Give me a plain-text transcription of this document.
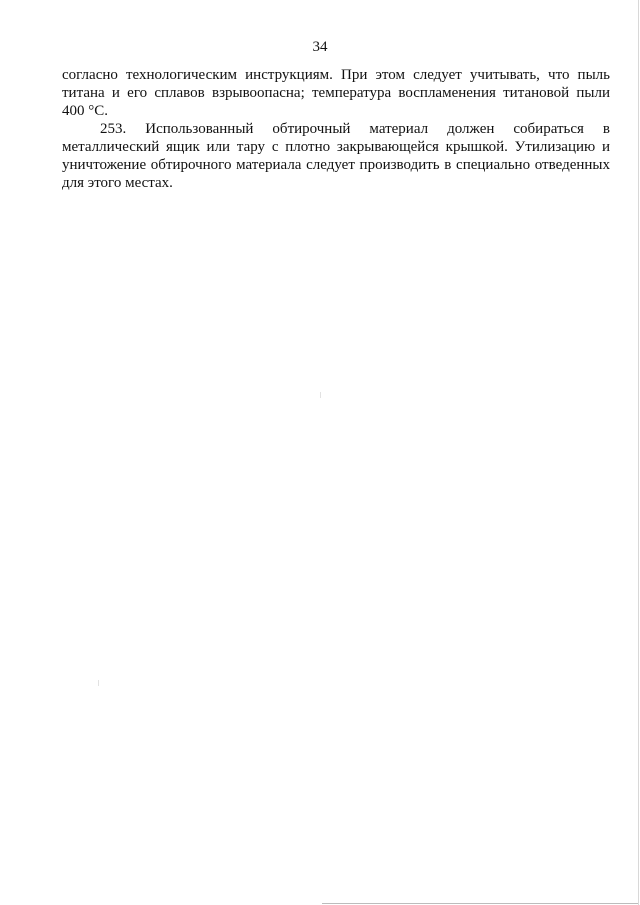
34
согласно технологическим инструкциям. При этом следует учитывать, что пыль
титана и его сплавов взрывоопасна; температура воспламенения титановой пыли
400 °С.
253. Использованный обтирочный материал должен собираться в
металлический ящик или тару с плотно закрывающейся крышкой. Утилизацию и
уничтожение обтирочного материала следует производить в специально отведенных
для этого местах.
